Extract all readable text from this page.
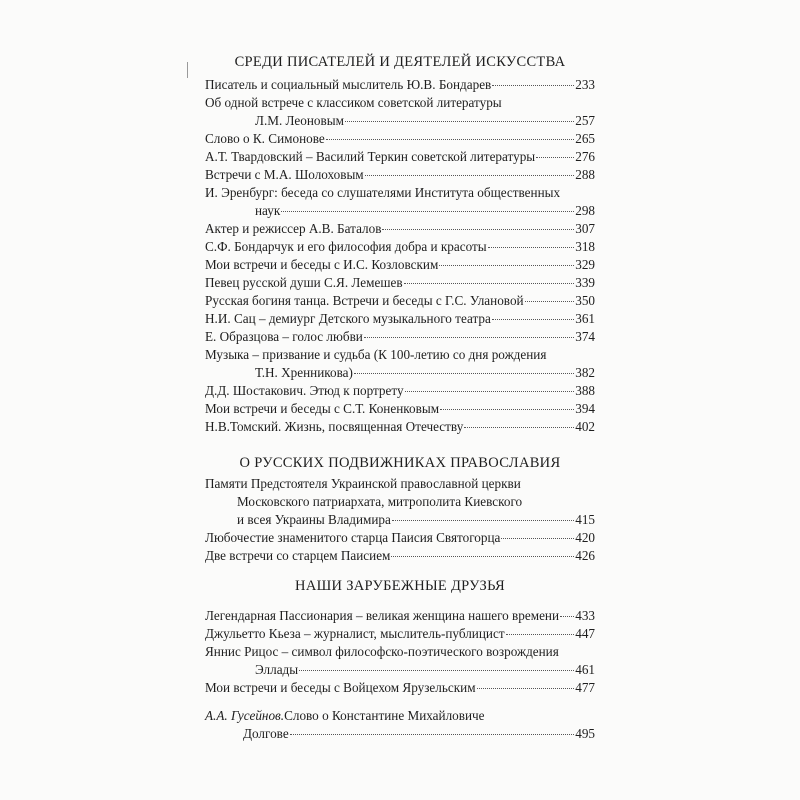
СРЕДИ ПИСАТЕЛЕЙ И ДЕЯТЕЛЕЙ ИСКУССТВА
Писатель и социальный мыслитель Ю.В. Бондарев	233
Об одной встрече с классиком советской литературы
Л.М. Леоновым	257
Слово о К. Симонове	265
А.Т. Твардовский – Василий Теркин советской литературы	276
Встречи с М.А. Шолоховым	288
И. Эренбург: беседа со слушателями Института общественных
наук	298
Актер и режиссер А.В. Баталов	307
С.Ф. Бондарчук и его философия добра и красоты	318
Мои встречи и беседы с И.С. Козловским	329
Певец русской души С.Я. Лемешев	339
Русская богиня танца. Встречи и беседы с Г.С. Улановой	350
Н.И. Сац – демиург Детского музыкального театра	361
Е. Образцова – голос любви	374
Музыка – призвание и судьба (К 100-летию со дня рождения
Т.Н. Хренникова)	382
Д.Д. Шостакович. Этюд к портрету	388
Мои встречи и беседы с С.Т. Коненковым	394
Н.В.Томский. Жизнь, посвященная Отечеству	402
О РУССКИХ ПОДВИЖНИКАХ ПРАВОСЛАВИЯ
Памяти Предстоятеля Украинской православной церкви
Московского патриархата, митрополита Киевского
и всея Украины Владимира	415
Любочестие знаменитого старца Паисия Святогорца	420
Две встречи со старцем Паисием	426
НАШИ ЗАРУБЕЖНЫЕ ДРУЗЬЯ
Легендарная Пассионария – великая женщина нашего времени 433
Джульетто Кьеза – журналист, мыслитель-публицист	447
Яннис Рицос – символ философско-поэтического возрождения
Эллады	461
Мои встречи и беседы с Войцехом Ярузельским	477
А.А. Гусейнов. Слово о Константине Михайловиче
Долгове	495
